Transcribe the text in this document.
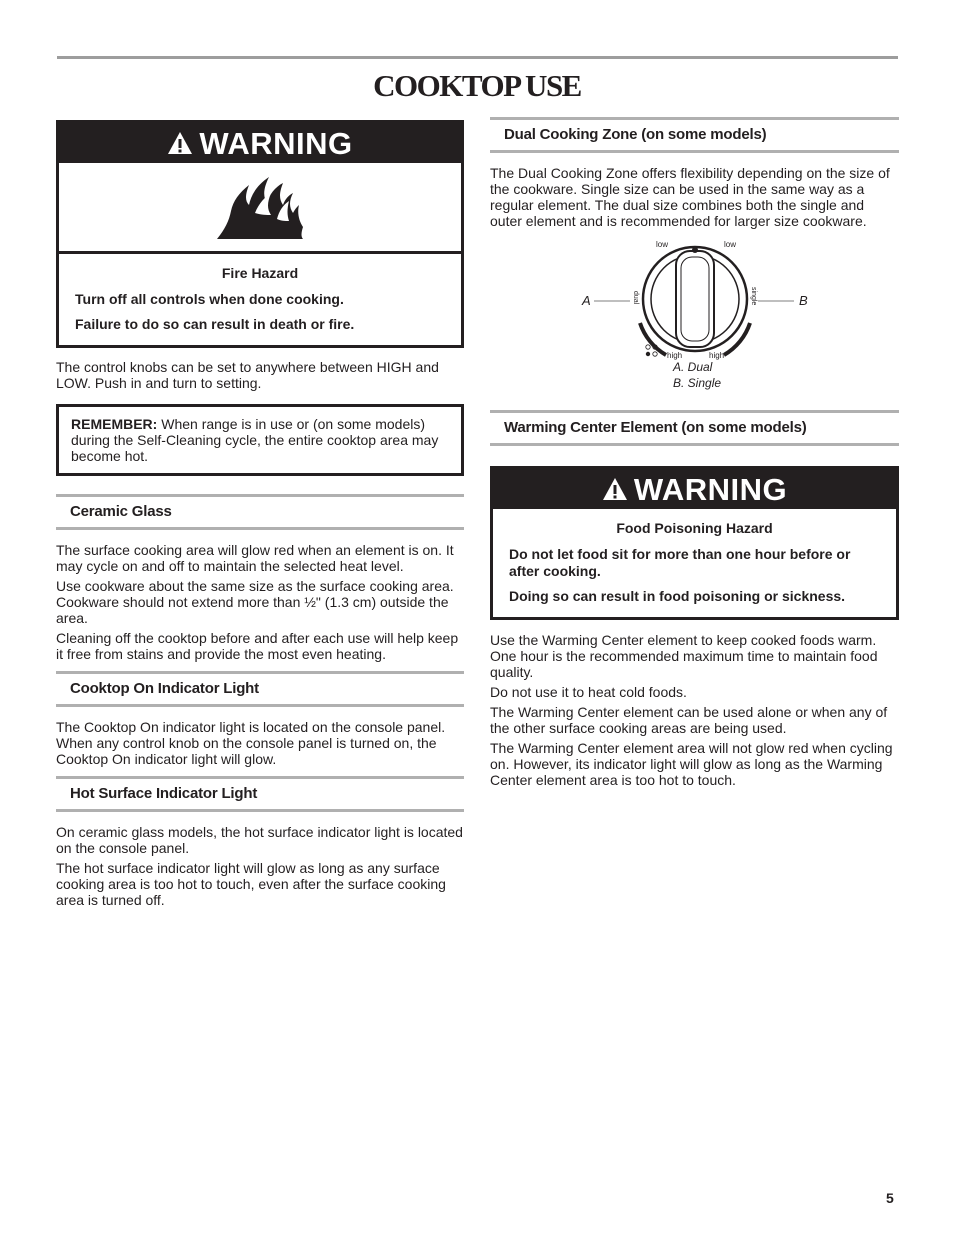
COOKTOP USE
WARNING
Fire Hazard

Turn off all controls when done cooking.

Failure to do so can result in death or fire.

The control knobs can be set to anywhere between HIGH and LOW. Push in and turn to setting.

REMEMBER: When range is in use or (on some models) during the Self-Cleaning cycle, the entire cooktop area may become hot.
Ceramic Glass

The surface cooking area will glow red when an element is on. It may cycle on and off to maintain the selected heat level.

Use cookware about the same size as the surface cooking area. Cookware should not extend more than ½" (1.3 cm) outside the area.

Cleaning off the cooktop before and after each use will help keep it free from stains and provide the most even heating.

Cooktop On Indicator Light

The Cooktop On indicator light is located on the console panel. When any control knob on the console panel is turned on, the Cooktop On indicator light will glow.

Hot Surface Indicator Light

On ceramic glass models, the hot surface indicator light is located on the console panel.

The hot surface indicator light will glow as long as any surface cooking area is too hot to touch, even after the surface cooking area is turned off.

Dual Cooking Zone (on some models)

The Dual Cooking Zone offers flexibility depending on the size of the cookware. Single size can be used in the same way as a regular element. The dual size combines both the single and outer element and is recommended for larger size cookware.

A	B
low	low
high	high
dual	single
A. Dual
B. Single
Warming Center Element (on some models)
WARNING
Food Poisoning Hazard

Do not let food sit for more than one hour before or after cooking.

Doing so can result in food poisoning or sickness.

Use the Warming Center element to keep cooked foods warm. One hour is the recommended maximum time to maintain food quality.

Do not use it to heat cold foods.

The Warming Center element can be used alone or when any of the other surface cooking areas are being used.

The Warming Center element area will not glow red when cycling on. However, its indicator light will glow as long as the Warming Center element area is too hot to touch.

5
